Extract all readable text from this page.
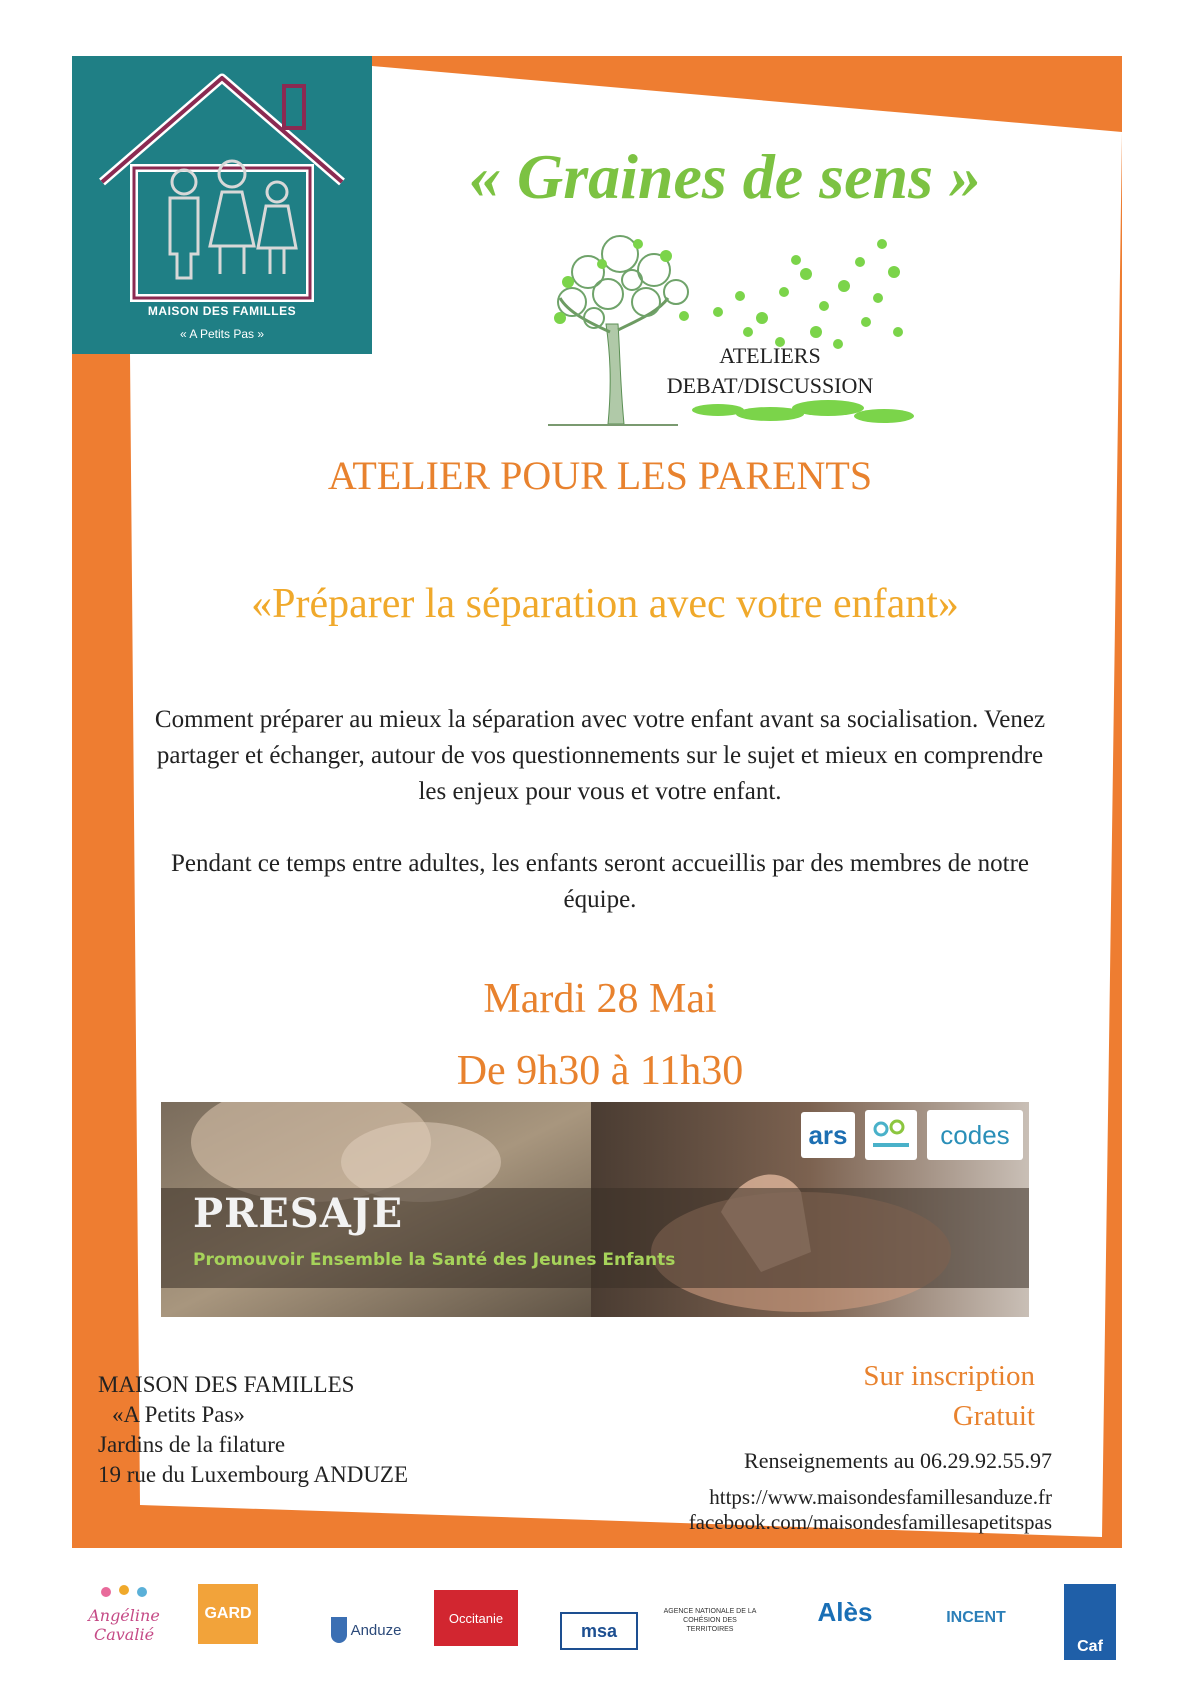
MAISON DES FAMILLES
« A Petits Pas »
« Graines de sens »
ATELIERS
DEBAT/DISCUSSION
ATELIER POUR LES PARENTS
«Préparer la séparation avec votre enfant»
Comment préparer au mieux la séparation avec votre enfant avant sa socialisation. Venez partager et échanger, autour de vos questionnements sur le sujet et mieux en comprendre les enjeux pour vous et votre enfant.
Pendant ce temps entre adultes, les enfants seront accueillis par des membres de notre équipe.
Mardi 28 Mai
De 9h30 à 11h30
PRESAJE
Promouvoir Ensemble la Santé des Jeunes Enfants
ars	codes
MAISON DES FAMILLES
«A Petits Pas»
Jardins de la filature
19 rue du Luxembourg ANDUZE
Sur inscription
Gratuit
Renseignements au 06.29.92.55.97
https://www.maisondesfamillesanduze.fr
facebook.com/maisondesfamillesapetitspas
Angéline Cavalié
GARD
Anduze
Occitanie
msa
AGENCE NATIONALE DE LA COHÉSION DES TERRITOIRES
Alès	INCENT
Caf
